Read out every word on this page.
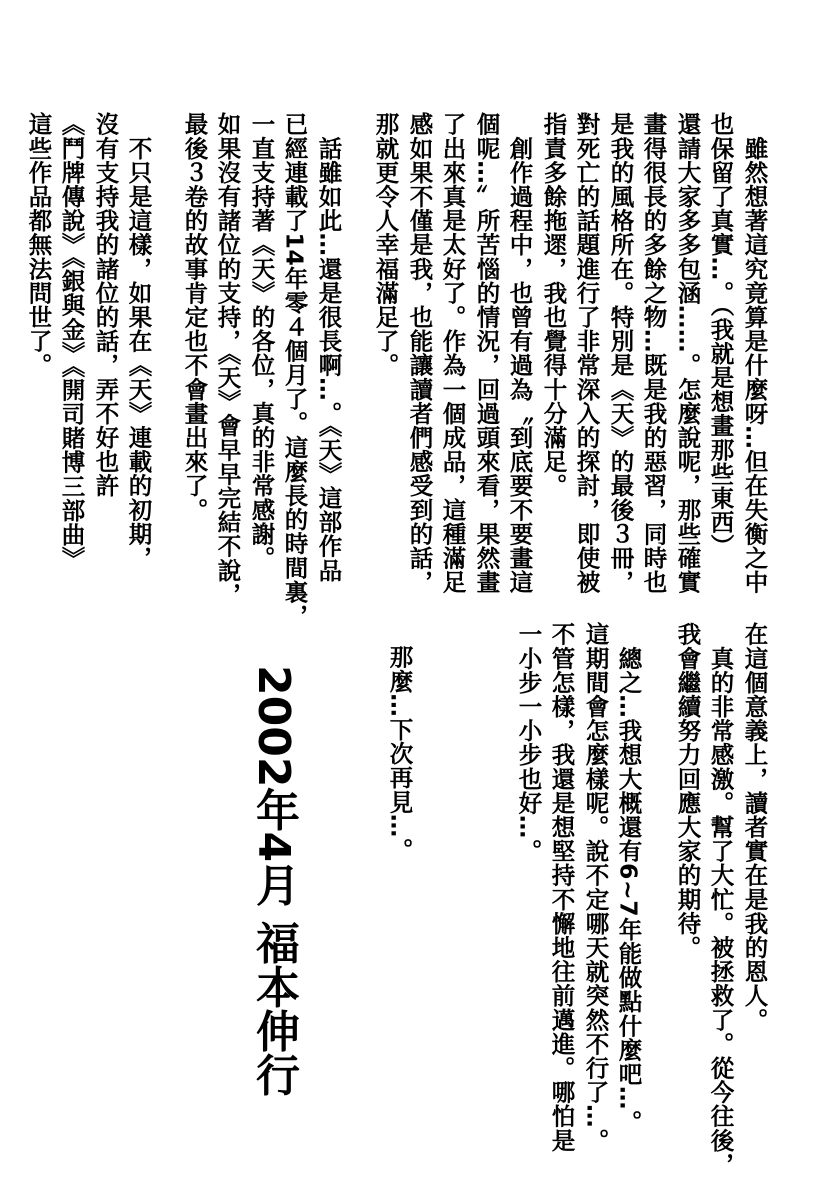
　雖然想著這究竟算是什麼呀…但在失衡之中
也保留了真實…。（我就是想畫那些東西）
還請大家多多包涵……。怎麼說呢，那些確實
畫得很長的多餘之物…既是我的惡習，同時也
是我的風格所在。特別是《天》的最後３冊，
對死亡的話題進行了非常深入的探討，即使被
指責多餘拖遝，我也覺得十分滿足。
　創作過程中，也曾有過為〝到底要不要畫這
個呢…〞所苦惱的情況，回過頭來看，果然畫
了出來真是太好了。作為一個成品，這種滿足
感如果不僅是我，也能讓讀者們感受到的話，
那就更令人幸福滿足了。
　話雖如此…還是很長啊…。《天》這部作品
已經連載了14年零４個月了。這麼長的時間裏，
一直支持著《天》的各位，真的非常感謝。
如果沒有諸位的支持，《天》會早早完結不說，
最後３卷的故事肯定也不會畫出來了。
　不只是這樣，如果在《天》連載的初期，
沒有支持我的諸位的話，弄不好也許
《鬥牌傳說》《銀與金》《開司賭博三部曲》
這些作品都無法問世了。
在這個意義上，讀者實在是我的恩人。
　真的非常感激。幫了大忙。被拯救了。從今往後，
我會繼續努力回應大家的期待。
　總之…我想大概還有6~7年能做點什麼吧…。
這期間會怎麼樣呢。說不定哪天就突然不行了…。
不管怎樣，我還是想堅持不懈地往前邁進。哪怕是
一小步一小步也好…。
那麼…下次再見…。
2002年4月福本伸行
